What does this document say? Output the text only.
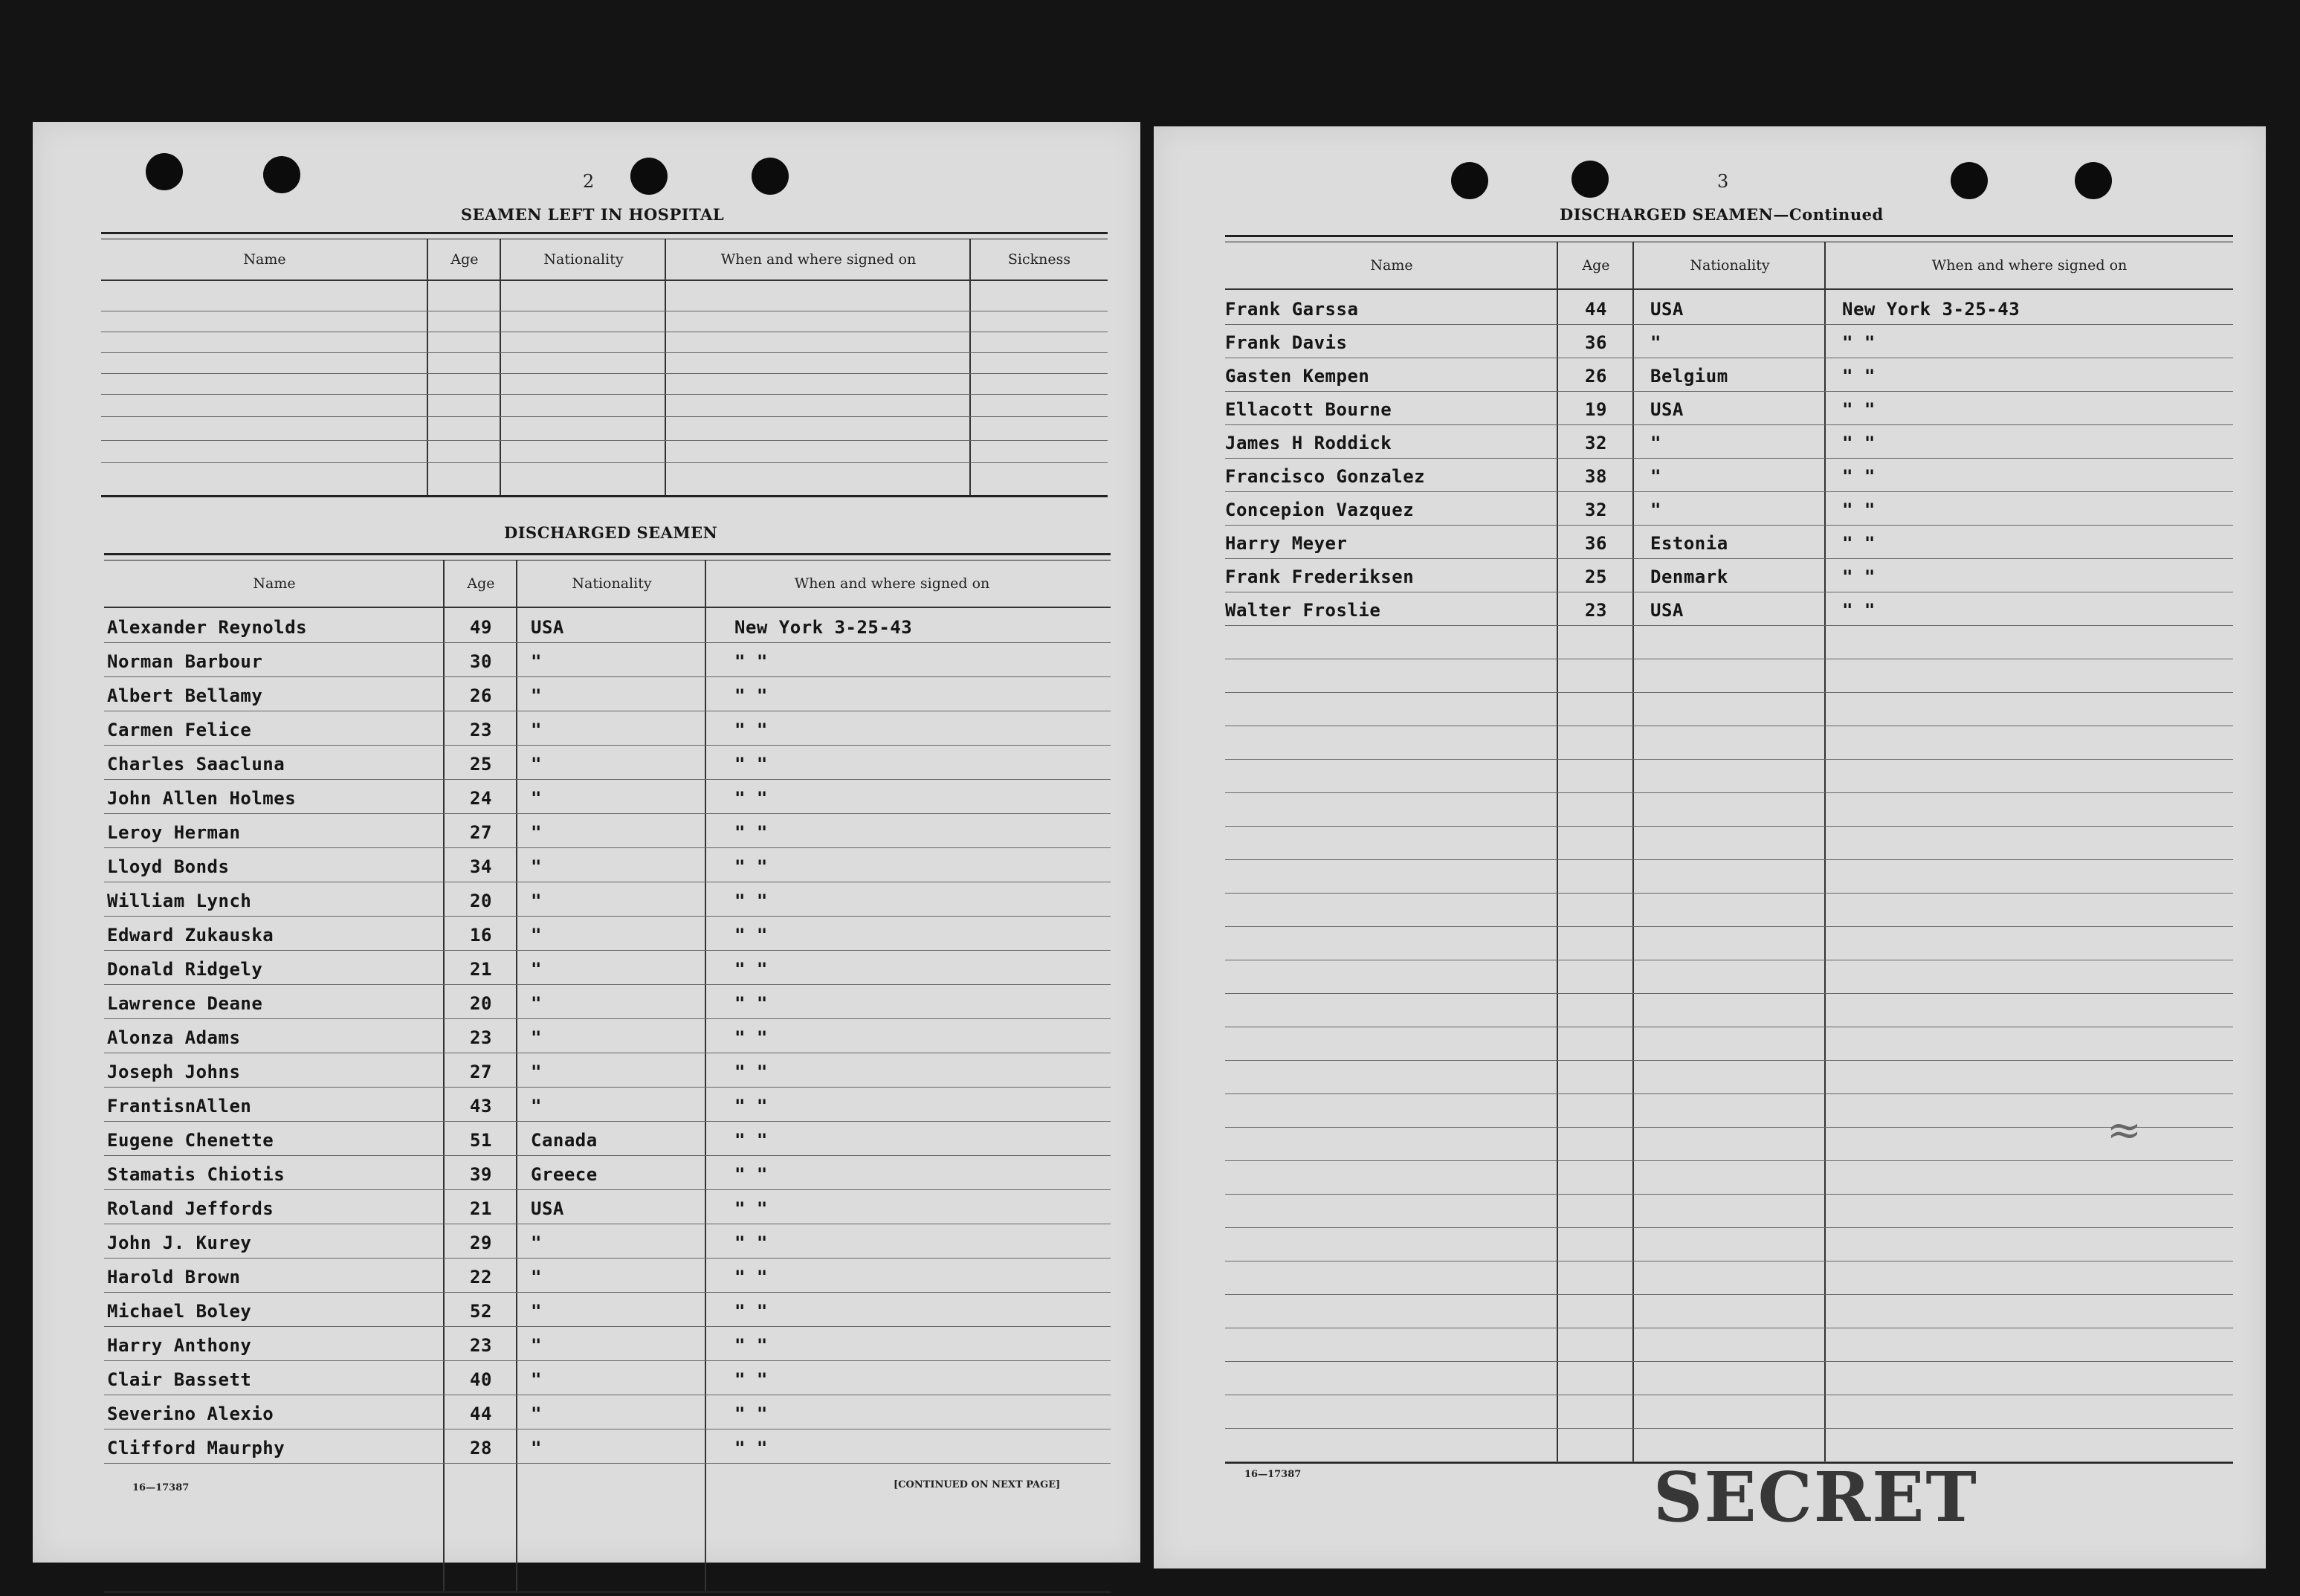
2
SEAMEN LEFT IN HOSPITAL
Name	Age	Nationality	When and where signed on	Sickness
DISCHARGED SEAMEN
Name	Age	Nationality	When and where signed on
Alexander Reynolds	49	USA	New York 3-25-43
Norman Barbour	30	"	" "
Albert Bellamy	26	"	" "
Carmen Felice	23	"	" "
Charles Saacluna	25	"	" "
John Allen Holmes	24	"	" "
Leroy Herman	27	"	" "
Lloyd Bonds	34	"	" "
William Lynch	20	"	" "
Edward Zukauska	16	"	" "
Donald Ridgely	21	"	" "
Lawrence Deane	20	"	" "
Alonza Adams	23	"	" "
Joseph Johns	27	"	" "
FrantisnAllen	43	"	" "
Eugene Chenette	51	Canada	" "
Stamatis Chiotis	39	Greece	" "
Roland Jeffords	21	USA	" "
John J. Kurey	29	"	" "
Harold Brown	22	"	" "
Michael Boley	52	"	" "
Harry Anthony	23	"	" "
Clair Bassett	40	"	" "
Severino Alexio	44	"	" "
Clifford Maurphy	28	"	" "
16—17387	[CONTINUED ON NEXT PAGE]
3
DISCHARGED SEAMEN—Continued
Name	Age	Nationality	When and where signed on
Frank Garssa	44	USA	New York 3-25-43
Frank Davis	36	"	" "
Gasten Kempen	26	Belgium	" "
Ellacott Bourne	19	USA	" "
James H Roddick	32	"	" "
Francisco Gonzalez	38	"	" "
Concepion Vazquez	32	"	" "
Harry Meyer	36	Estonia	" "
Frank Frederiksen	25	Denmark	" "
Walter Froslie	23	USA	" "
16—17387	SECRET
≈
